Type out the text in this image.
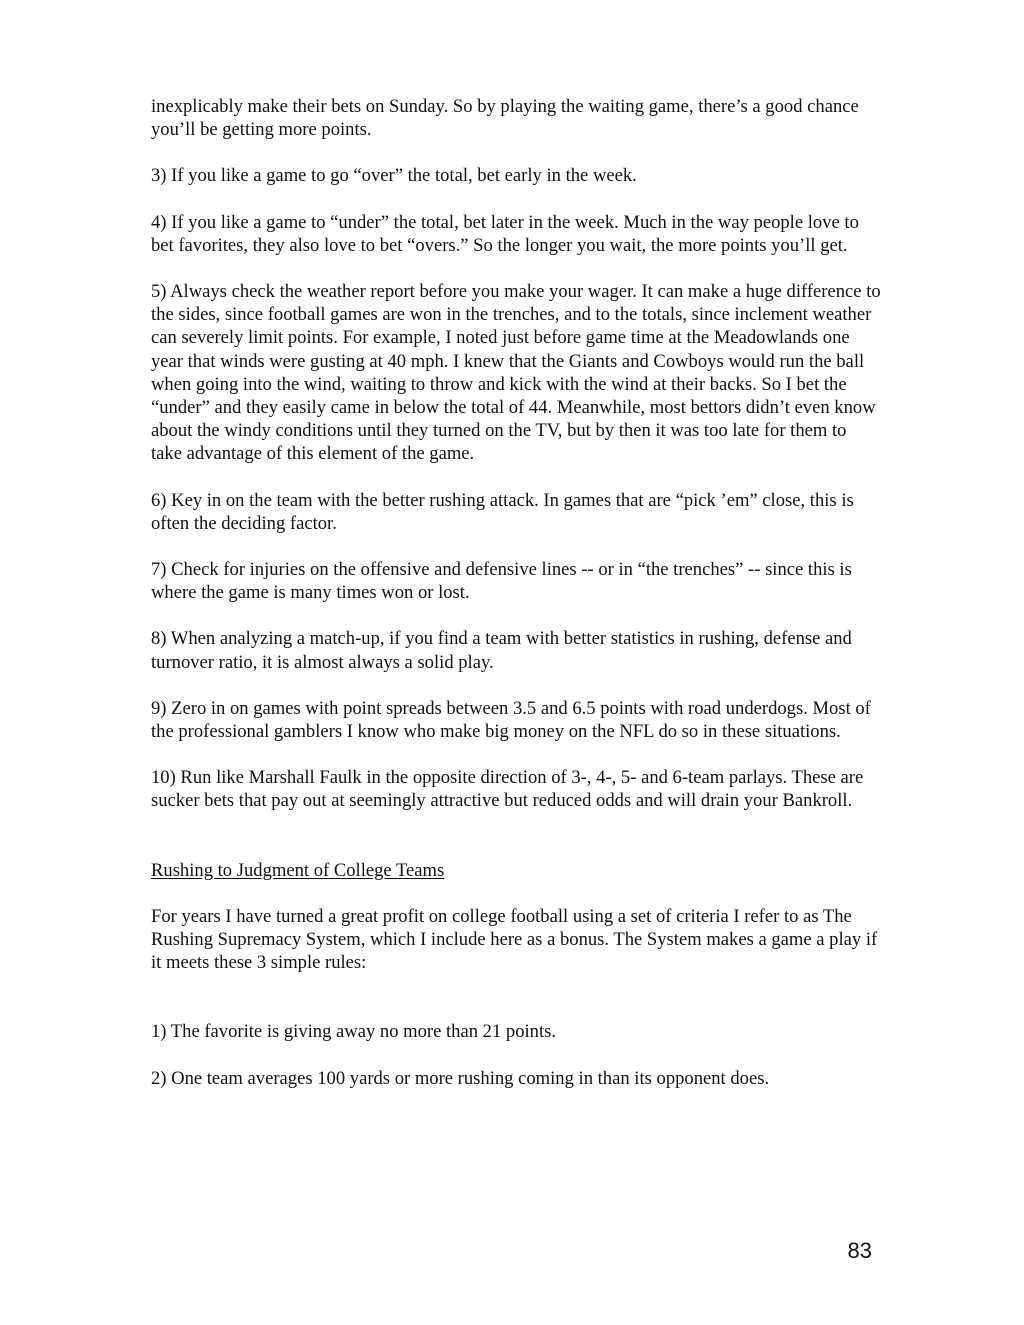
inexplicably make their bets on Sunday. So by playing the waiting game, there’s a good chance you’ll be getting more points.

3) If you like a game to go “over” the total, bet early in the week.

4) If you like a game to “under” the total, bet later in the week. Much in the way people love to bet favorites, they also love to bet “overs.” So the longer you wait, the more points you’ll get.

5) Always check the weather report before you make your wager. It can make a huge difference to the sides, since football games are won in the trenches, and to the totals, since inclement weather can severely limit points. For example, I noted just before game time at the Meadowlands one year that winds were gusting at 40 mph. I knew that the Giants and Cowboys would run the ball when going into the wind, waiting to throw and kick with the wind at their backs. So I bet the “under” and they easily came in below the total of 44. Meanwhile, most bettors didn’t even know about the windy conditions until they turned on the TV, but by then it was too late for them to take advantage of this element of the game.

6) Key in on the team with the better rushing attack. In games that are “pick ’em” close, this is often the deciding factor.

7) Check for injuries on the offensive and defensive lines -- or in “the trenches” -- since this is where the game is many times won or lost.

8) When analyzing a match-up, if you find a team with better statistics in rushing, defense and turnover ratio, it is almost always a solid play.

9) Zero in on games with point spreads between 3.5 and 6.5 points with road underdogs. Most of the professional gamblers I know who make big money on the NFL do so in these situations.

10) Run like Marshall Faulk in the opposite direction of 3-, 4-, 5- and 6-team parlays. These are sucker bets that pay out at seemingly attractive but reduced odds and will drain your Bankroll.

Rushing to Judgment of College Teams

For years I have turned a great profit on college football using a set of criteria I refer to as The Rushing Supremacy System, which I include here as a bonus. The System makes a game a play if it meets these 3 simple rules:

1) The favorite is giving away no more than 21 points.

2) One team averages 100 yards or more rushing coming in than its opponent does.

83
